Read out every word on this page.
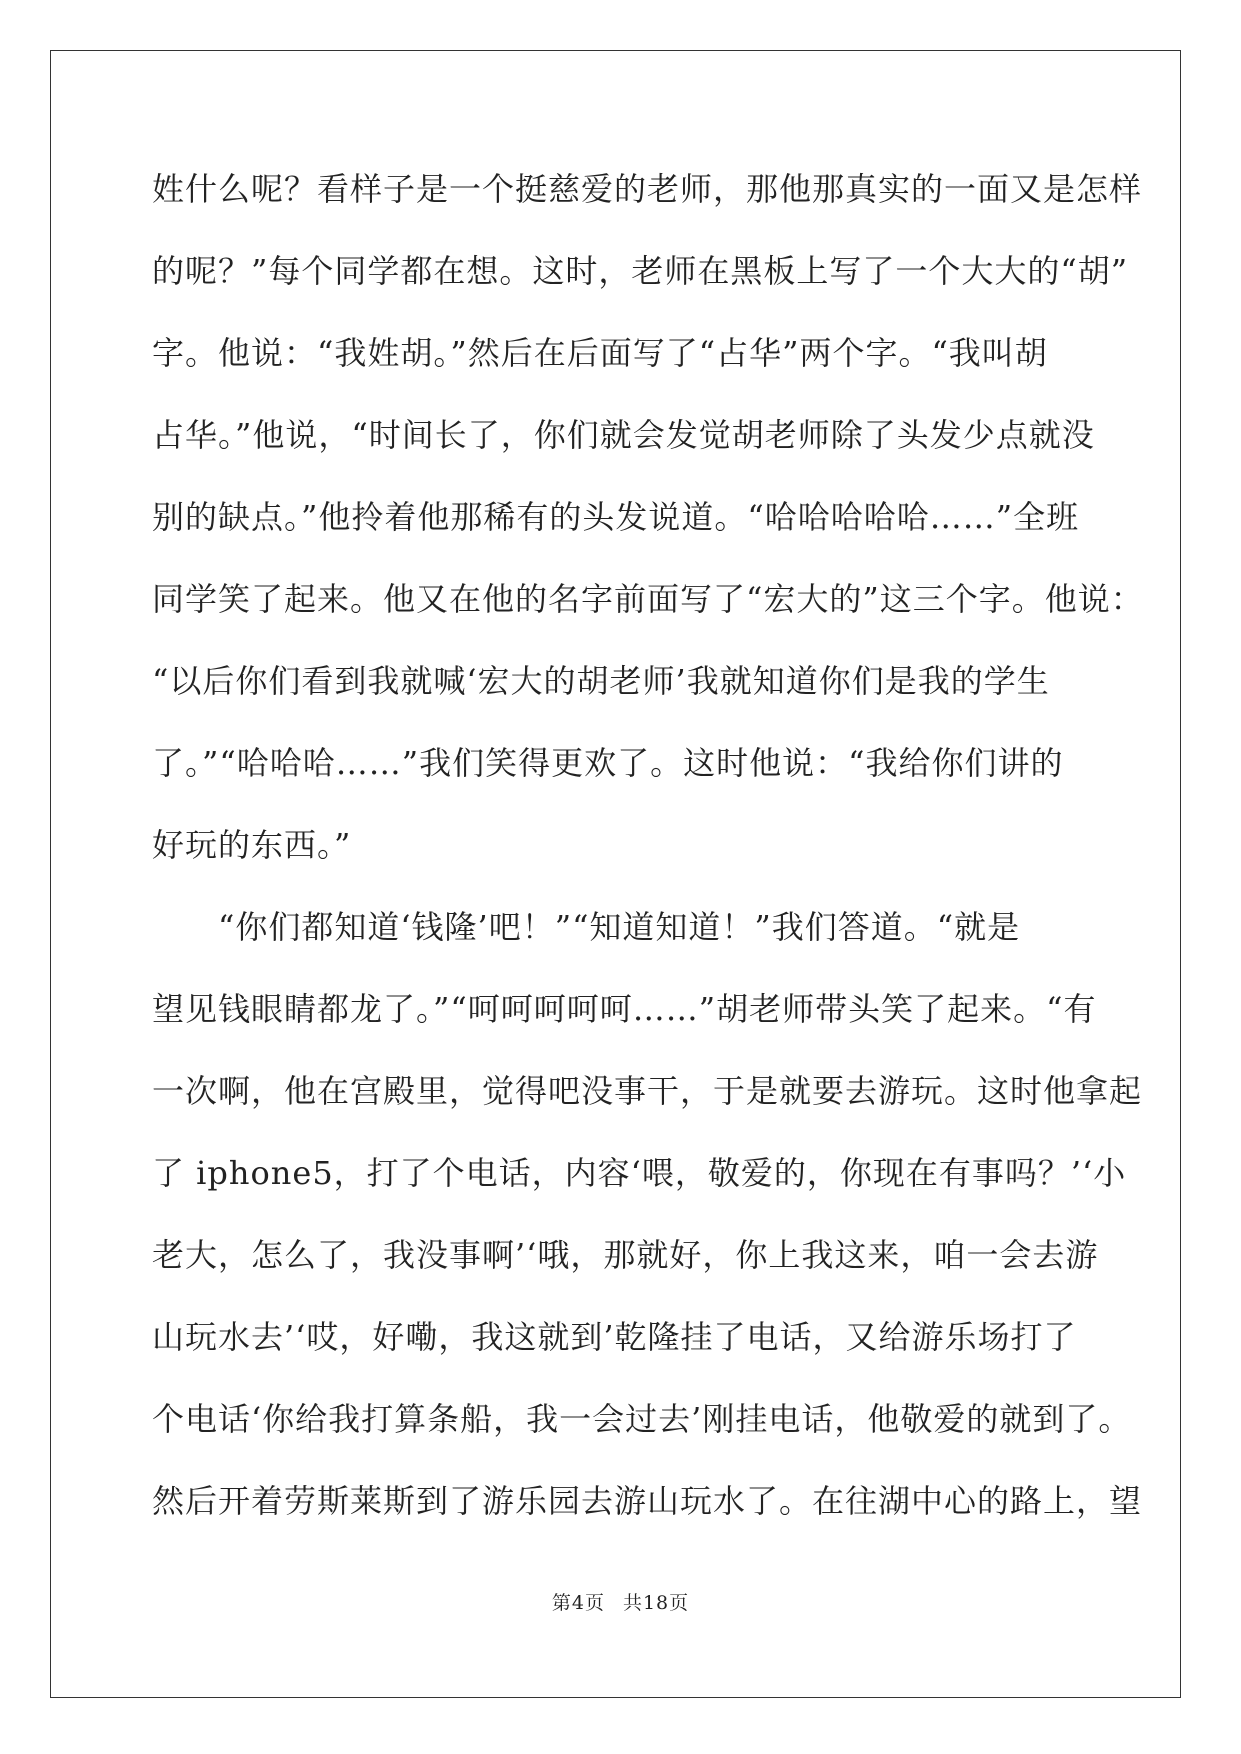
姓什么呢？看样子是一个挺慈爱的老师，那他那真实的一面又是怎样
的呢？”每个同学都在想。这时，老师在黑板上写了一个大大的“胡”
字。他说：“我姓胡。”然后在后面写了“占华”两个字。“我叫胡
占华。”他说，“时间长了，你们就会发觉胡老师除了头发少点就没
别的缺点。”他拎着他那稀有的头发说道。“哈哈哈哈哈……”全班
同学笑了起来。他又在他的名字前面写了“宏大的”这三个字。他说：
“以后你们看到我就喊‘宏大的胡老师’我就知道你们是我的学生
了。”“哈哈哈……”我们笑得更欢了。这时他说：“我给你们讲的
好玩的东西。”
　　“你们都知道‘钱隆’吧！”“知道知道！”我们答道。“就是
望见钱眼睛都龙了。”“呵呵呵呵呵……”胡老师带头笑了起来。“有
一次啊，他在宫殿里，觉得吧没事干，于是就要去游玩。这时他拿起
了 iphone5，打了个电话，内容‘喂，敬爱的，你现在有事吗？’‘小
老大，怎么了，我没事啊’‘哦，那就好，你上我这来，咱一会去游
山玩水去’‘哎，好嘞，我这就到’乾隆挂了电话，又给游乐场打了
个电话‘你给我打算条船，我一会过去’刚挂电话，他敬爱的就到了。
然后开着劳斯莱斯到了游乐园去游山玩水了。在往湖中心的路上，望
第4页 共18页
